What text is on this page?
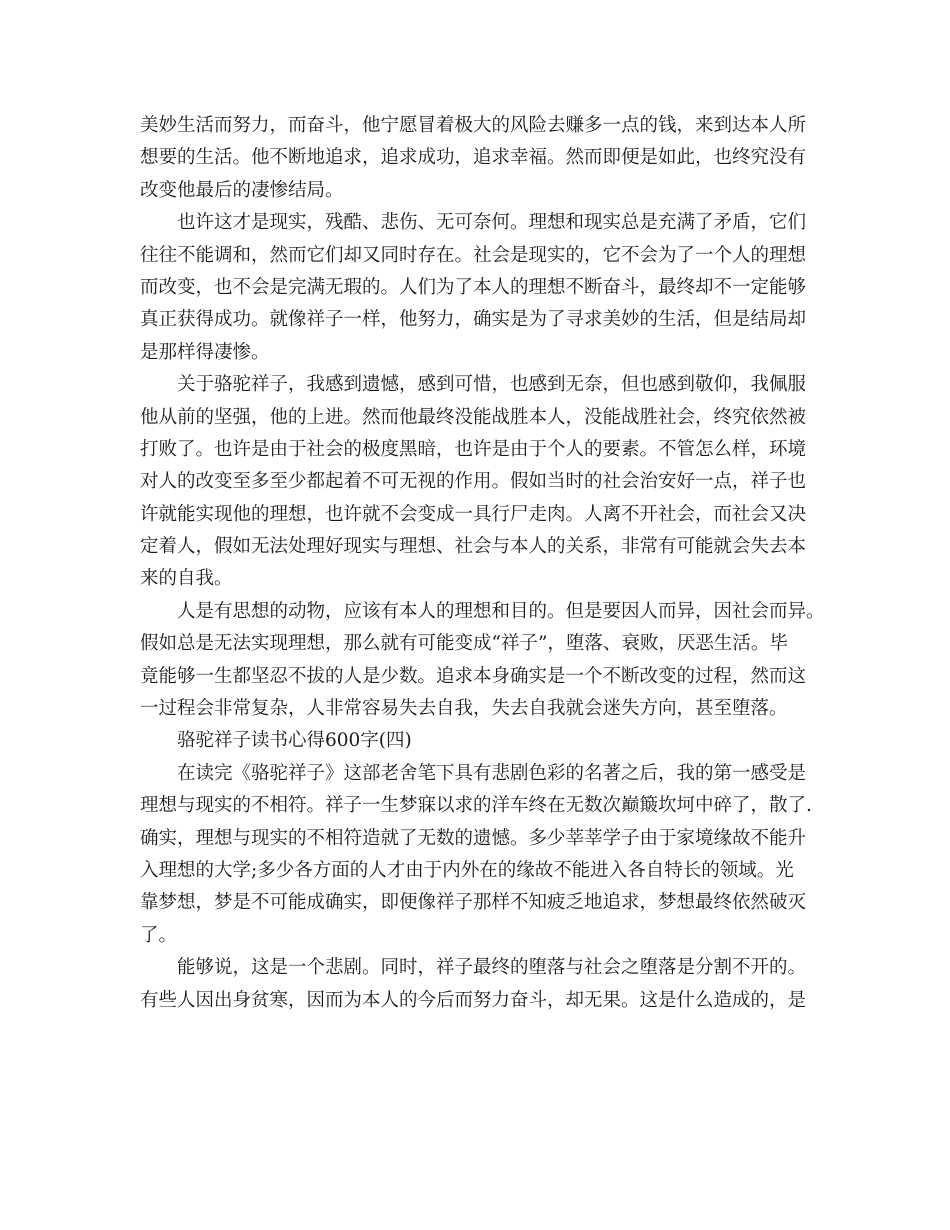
美妙生活而努力，而奋斗，他宁愿冒着极大的风险去赚多一点的钱，来到达本人所
想要的生活。他不断地追求，追求成功，追求幸福。然而即便是如此，也终究没有
改变他最后的凄惨结局。
也许这才是现实，残酷、悲伤、无可奈何。理想和现实总是充满了矛盾，它们
往往不能调和，然而它们却又同时存在。社会是现实的，它不会为了一个人的理想
而改变，也不会是完满无瑕的。人们为了本人的理想不断奋斗，最终却不一定能够
真正获得成功。就像祥子一样，他努力，确实是为了寻求美妙的生活，但是结局却
是那样得凄惨。
关于骆驼祥子，我感到遗憾，感到可惜，也感到无奈，但也感到敬仰，我佩服
他从前的坚强，他的上进。然而他最终没能战胜本人，没能战胜社会，终究依然被
打败了。也许是由于社会的极度黑暗，也许是由于个人的要素。不管怎么样，环境
对人的改变至多至少都起着不可无视的作用。假如当时的社会治安好一点，祥子也
许就能实现他的理想，也许就不会变成一具行尸走肉。人离不开社会，而社会又决
定着人，假如无法处理好现实与理想、社会与本人的关系，非常有可能就会失去本
来的自我。
人是有思想的动物，应该有本人的理想和目的。但是要因人而异，因社会而异。
假如总是无法实现理想，那么就有可能变成“祥子”，堕落、衰败，厌恶生活。毕
竟能够一生都坚忍不拔的人是少数。追求本身确实是一个不断改变的过程，然而这
一过程会非常复杂，人非常容易失去自我，失去自我就会迷失方向，甚至堕落。
骆驼祥子读书心得600字(四)
在读完《骆驼祥子》这部老舍笔下具有悲剧色彩的名著之后，我的第一感受是
理想与现实的不相符。祥子一生梦寐以求的洋车终在无数次巅簸坎坷中碎了，散了.
确实，理想与现实的不相符造就了无数的遗憾。多少莘莘学子由于家境缘故不能升
入理想的大学;多少各方面的人才由于内外在的缘故不能进入各自特长的领域。光
靠梦想，梦是不可能成确实，即便像祥子那样不知疲乏地追求，梦想最终依然破灭
了。
能够说，这是一个悲剧。同时，祥子最终的堕落与社会之堕落是分割不开的。
有些人因出身贫寒，因而为本人的今后而努力奋斗，却无果。这是什么造成的，是
